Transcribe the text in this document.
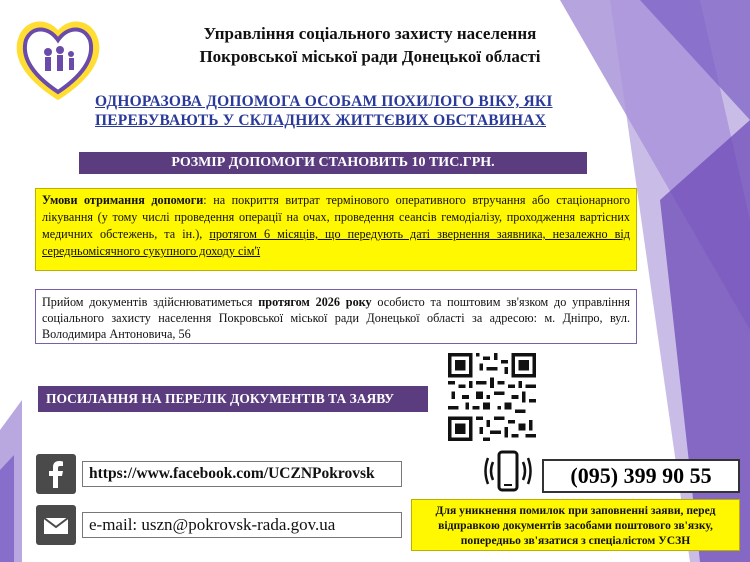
Управління соціального захисту населення
Покровської міської ради Донецької області
ОДНОРАЗОВА ДОПОМОГА ОСОБАМ ПОХИЛОГО ВІКУ, ЯКІ
ПЕРЕБУВАЮТЬ У СКЛАДНИХ ЖИТТЄВИХ ОБСТАВИНАХ
РОЗМІР ДОПОМОГИ СТАНОВИТЬ 10 ТИС.ГРН.
Умови отримання допомоги: на покриття витрат термінового оперативного втручання або стаціонарного лікування (у тому числі проведення операції на очах, проведення сеансів гемодіалізу, проходження вартісних медичних обстежень, та ін.), протягом 6 місяців, що передують даті звернення заявника, незалежно від середньомісячного сукупного доходу сім'ї
Прийом документів здійснюватиметься протягом 2026 року особисто та поштовим зв'язком до управління соціального захисту населення Покровської міської ради Донецької області за адресою: м. Дніпро, вул. Володимира Антоновича, 56
ПОСИЛАННЯ НА ПЕРЕЛІК ДОКУМЕНТІВ ТА ЗАЯВУ
https://www.facebook.com/UCZNPokrovsk
e-mail: uszn@pokrovsk-rada.gov.ua
(095) 399 90 55
Для уникнення помилок при заповненні заяви, перед відправкою документів засобами поштового зв'язку, попередньо зв'язатися з спеціалістом УСЗН
